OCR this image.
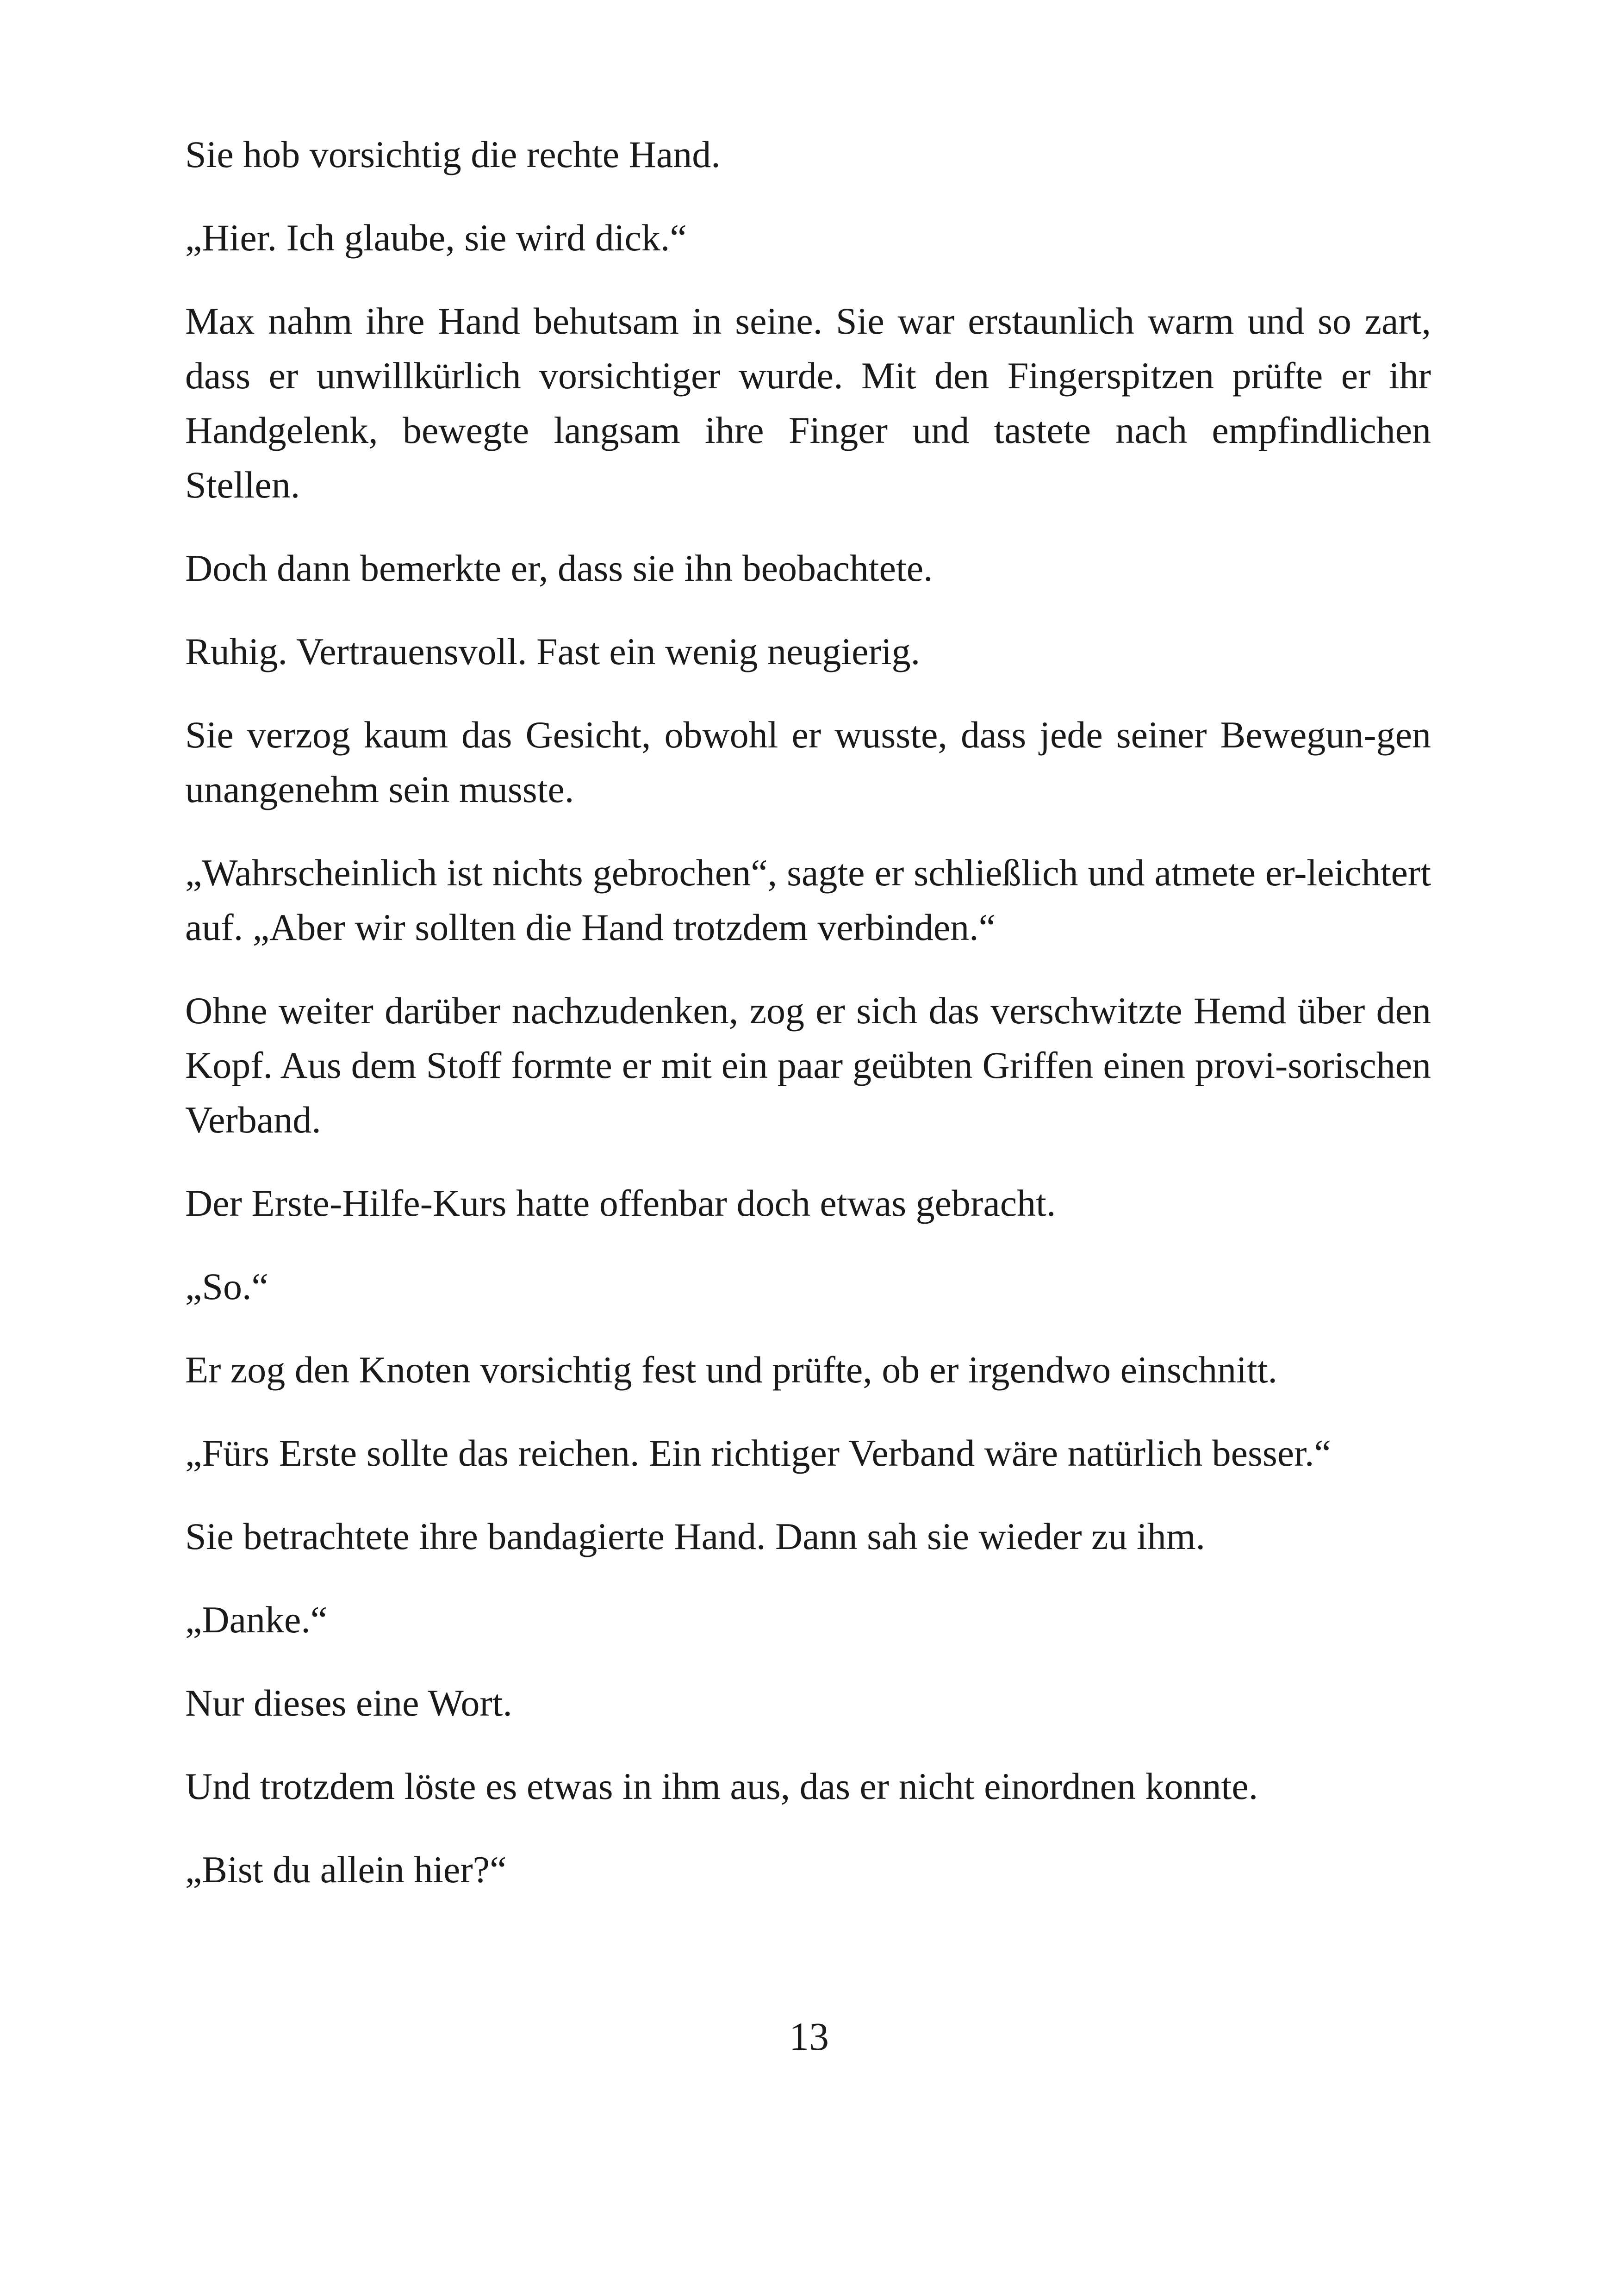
Sie hob vorsichtig die rechte Hand.

„Hier. Ich glaube, sie wird dick.“

Max nahm ihre Hand behutsam in seine. Sie war erstaunlich warm und so zart, dass er unwillkürlich vorsichtiger wurde. Mit den Fingerspitzen prüfte er ihr Handgelenk, bewegte langsam ihre Finger und tastete nach empfindlichen Stellen.

Doch dann bemerkte er, dass sie ihn beobachtete.

Ruhig. Vertrauensvoll. Fast ein wenig neugierig.

Sie verzog kaum das Gesicht, obwohl er wusste, dass jede seiner Bewegun-gen unangenehm sein musste.

„Wahrscheinlich ist nichts gebrochen“, sagte er schließlich und atmete er-leichtert auf. „Aber wir sollten die Hand trotzdem verbinden.“

Ohne weiter darüber nachzudenken, zog er sich das verschwitzte Hemd über den Kopf. Aus dem Stoff formte er mit ein paar geübten Griffen einen provi-sorischen Verband.

Der Erste-Hilfe-Kurs hatte offenbar doch etwas gebracht.

„So.“

Er zog den Knoten vorsichtig fest und prüfte, ob er irgendwo einschnitt.

„Fürs Erste sollte das reichen. Ein richtiger Verband wäre natürlich besser.“

Sie betrachtete ihre bandagierte Hand. Dann sah sie wieder zu ihm.

„Danke.“

Nur dieses eine Wort.

Und trotzdem löste es etwas in ihm aus, das er nicht einordnen konnte.

„Bist du allein hier?“

13
